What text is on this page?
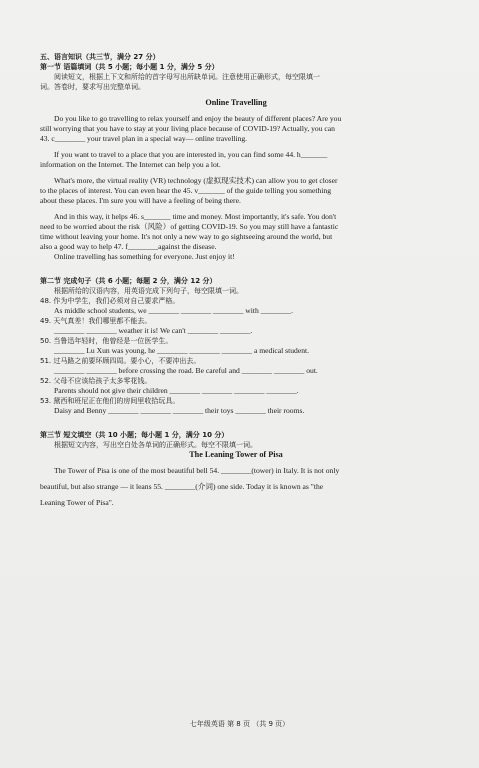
五、语言知识（共三节，满分 27 分）
第一节 语篇填词（共 5 小题；每小题 1 分，满分 5 分）
阅读短文，根据上下文和所给的首字母写出所缺单词。注意使用正确形式，每空限填一
词。答卷时，要求写出完整单词。
Online Travelling
Do you like to go travelling to relax yourself and enjoy the beauty of different places? Are you
still worrying that you have to stay at your living place because of COVID-19? Actually, you can
43. c________ your travel plan in a special way— online travelling.
If you want to travel to a place that you are interested in, you can find some 44. h_______
information on the Internet. The Internet can help you a lot.
What's more, the virtual reality (VR) technology (虚拟现实技术) can allow you to get closer
to the places of interest. You can even hear the 45. v_______ of the guide telling you something
about these places. I'm sure you will have a feeling of being there.
And in this way, it helps 46. s_______ time and money. Most importantly, it's safe. You don't
need to be worried about the risk（风险）of getting COVID-19. So you may still have a fantastic
time without leaving your home. It's not only a new way to go sightseeing around the world, but
also a good way to help 47. f________against the disease.
Online travelling has something for everyone. Just enjoy it!
第二节 完成句子（共 6 小题；每题 2 分，满分 12 分）
根据所给的汉语内容，用英语完成下列句子，每空限填一词。
48. 作为中学生，我们必须对自己要求严格。
As middle school students, we ________ ________ ________ with ________.
49. 天气真差！我们哪里都不能去。
________ ________ weather it is! We can't ________ ________.
50. 当鲁迅年轻时，他曾经是一位医学生。
________ Lu Xun was young, he ________ ________ ________ a medical student.
51. 过马路之前要环顾四周。要小心，不要冲出去。
________ ________ before crossing the road. Be careful and ________ ________ out.
52. 父母不应该给孩子太多零花钱。
Parents should not give their children ________ ________ ________ ________.
53. 黛西和班尼正在他们的房间里收拾玩具。
Daisy and Benny ________ ________ ________ their toys ________ their rooms.
第三节 短文填空（共 10 小题；每小题 1 分，满分 10 分）
根据短文内容，写出空白处各单词的正确形式。每空不限填一词。
The Leaning Tower of Pisa
The Tower of Pisa is one of the most beautiful bell 54. ________(tower) in Italy. It is not only
beautiful, but also strange — it leans 55. ________(介词) one side. Today it is known as "the
Leaning Tower of Pisa".
七年级英语 第 8 页 （共 9 页）
